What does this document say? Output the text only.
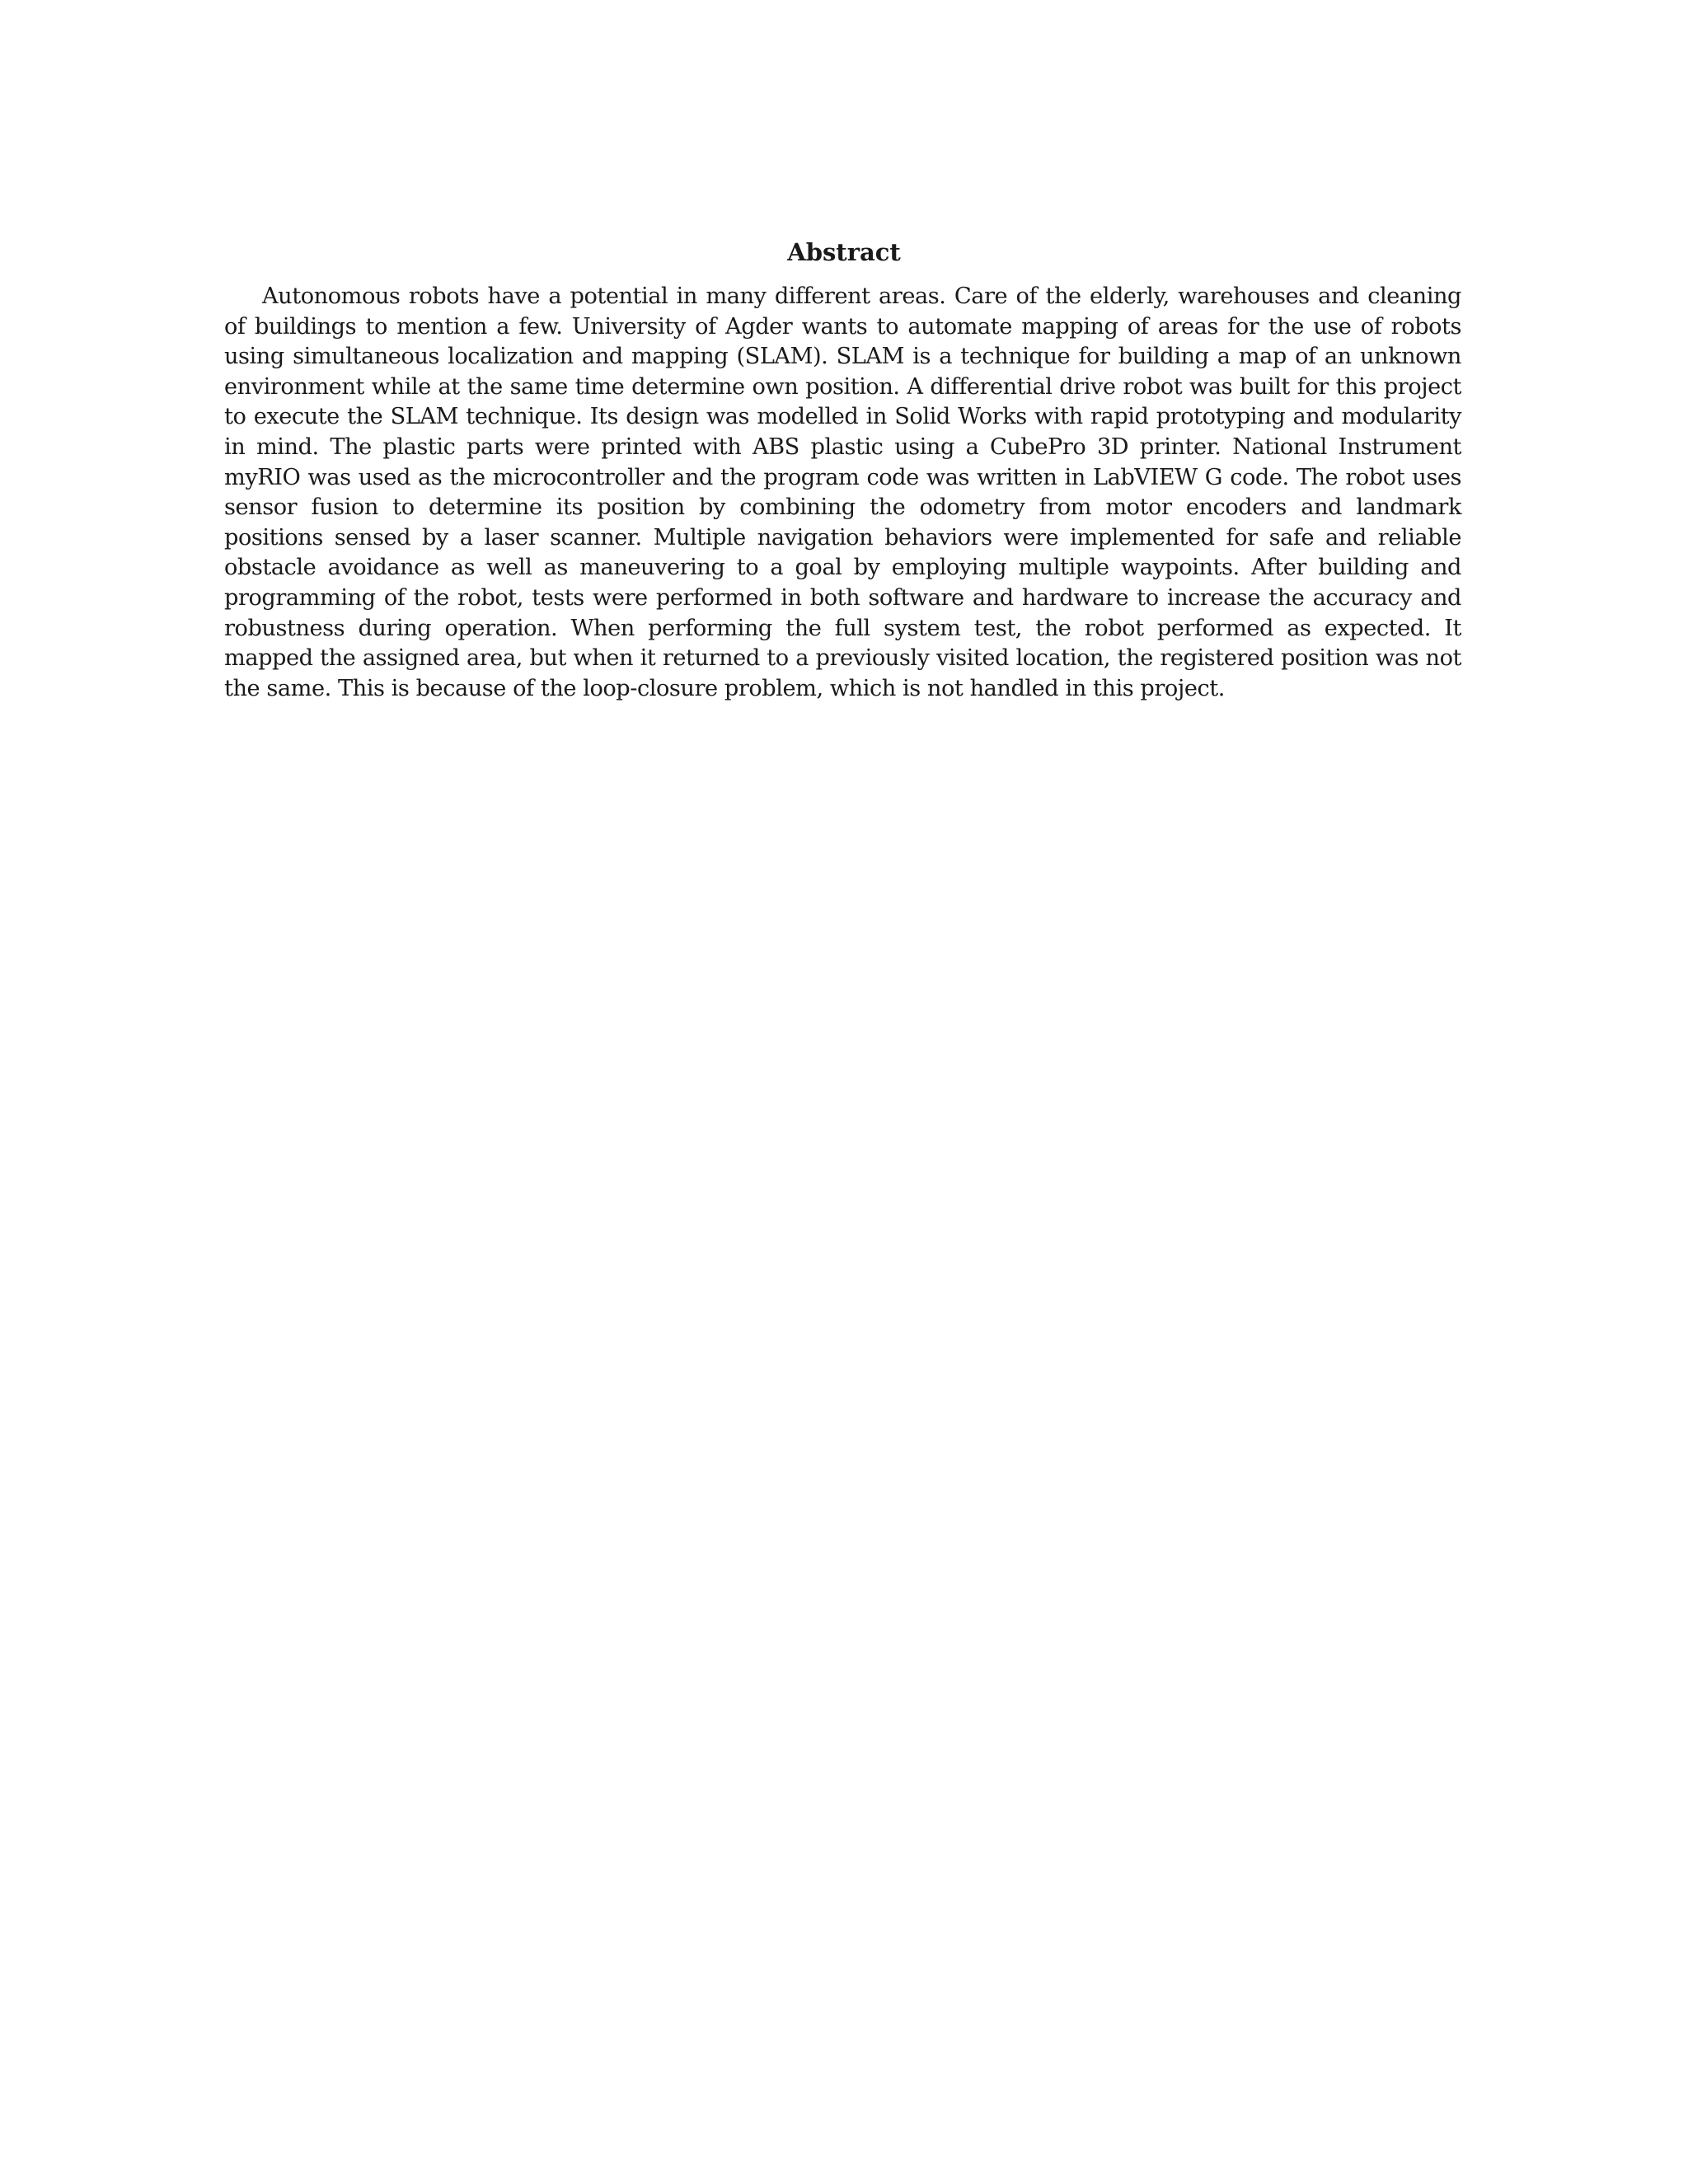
Abstract

Autonomous robots have a potential in many different areas. Care of the elderly, warehouses and cleaning of buildings to mention a few. University of Agder wants to automate mapping of areas for the use of robots using simultaneous localization and mapping (SLAM). SLAM is a technique for building a map of an unknown environment while at the same time determine own position. A differential drive robot was built for this project to execute the SLAM technique. Its design was modelled in Solid Works with rapid prototyping and modularity in mind. The plastic parts were printed with ABS plastic using a CubePro 3D printer. National Instrument myRIO was used as the microcontroller and the program code was written in LabVIEW G code. The robot uses sensor fusion to determine its position by combining the odometry from motor encoders and landmark positions sensed by a laser scanner. Multiple navigation behaviors were implemented for safe and reliable obstacle avoidance as well as maneuvering to a goal by employing multiple waypoints. After building and programming of the robot, tests were performed in both software and hardware to increase the accuracy and robustness during operation. When performing the full system test, the robot performed as expected. It mapped the assigned area, but when it returned to a previously visited location, the registered position was not the same. This is because of the loop-closure problem, which is not handled in this project.
